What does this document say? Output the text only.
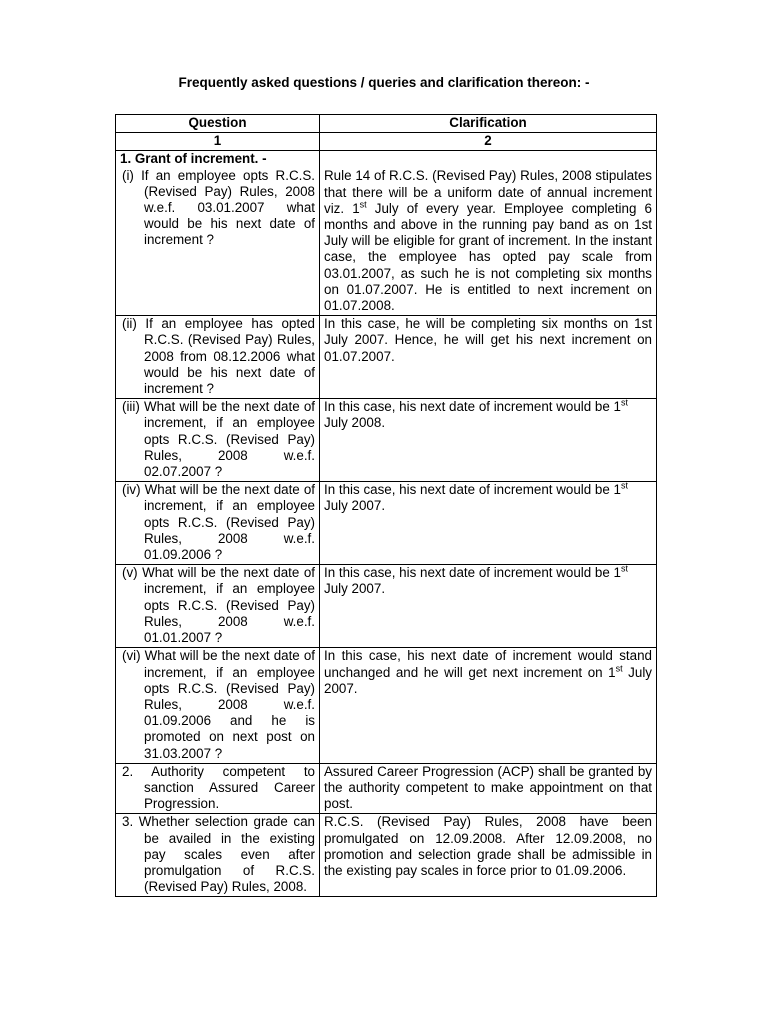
Frequently asked questions / queries and clarification thereon: -
Question	Clarification
1	2

1. Grant of increment. -
(i) If an employee opts R.C.S. (Revised Pay) Rules, 2008 w.e.f. 03.01.2007 what would be his next date of increment ?	Rule 14 of R.C.S. (Revised Pay) Rules, 2008 stipulates that there will be a uniform date of annual increment viz. 1st July of every year. Employee completing 6 months and above in the running pay band as on 1st July will be eligible for grant of increment. In the instant case, the employee has opted pay scale from 03.01.2007, as such he is not completing six months on 01.07.2007. He is entitled to next increment on 01.07.2008.

(ii) If an employee has opted R.C.S. (Revised Pay) Rules, 2008 from 08.12.2006 what would be his next date of increment ?	In this case, he will be completing six months on 1st July 2007. Hence, he will get his next increment on 01.07.2007.

(iii) What will be the next date of increment, if an employee opts R.C.S. (Revised Pay) Rules, 2008 w.e.f. 02.07.2007 ?	In this case, his next date of increment would be 1st July 2008.

(iv) What will be the next date of increment, if an employee opts R.C.S. (Revised Pay) Rules, 2008 w.e.f. 01.09.2006 ?	In this case, his next date of increment would be 1st July 2007.

(v) What will be the next date of increment, if an employee opts R.C.S. (Revised Pay) Rules, 2008 w.e.f. 01.01.2007 ?	In this case, his next date of increment would be 1st July 2007.

(vi) What will be the next date of increment, if an employee opts R.C.S. (Revised Pay) Rules, 2008 w.e.f. 01.09.2006 and he is promoted on next post on 31.03.2007 ?	In this case, his next date of increment would stand unchanged and he will get next increment on 1st July 2007.

2. Authority competent to sanction Assured Career Progression.	Assured Career Progression (ACP) shall be granted by the authority competent to make appointment on that post.

3. Whether selection grade can be availed in the existing pay scales even after promulgation of R.C.S. (Revised Pay) Rules, 2008.	R.C.S. (Revised Pay) Rules, 2008 have been promulgated on 12.09.2008. After 12.09.2008, no promotion and selection grade shall be admissible in the existing pay scales in force prior to 01.09.2006.
